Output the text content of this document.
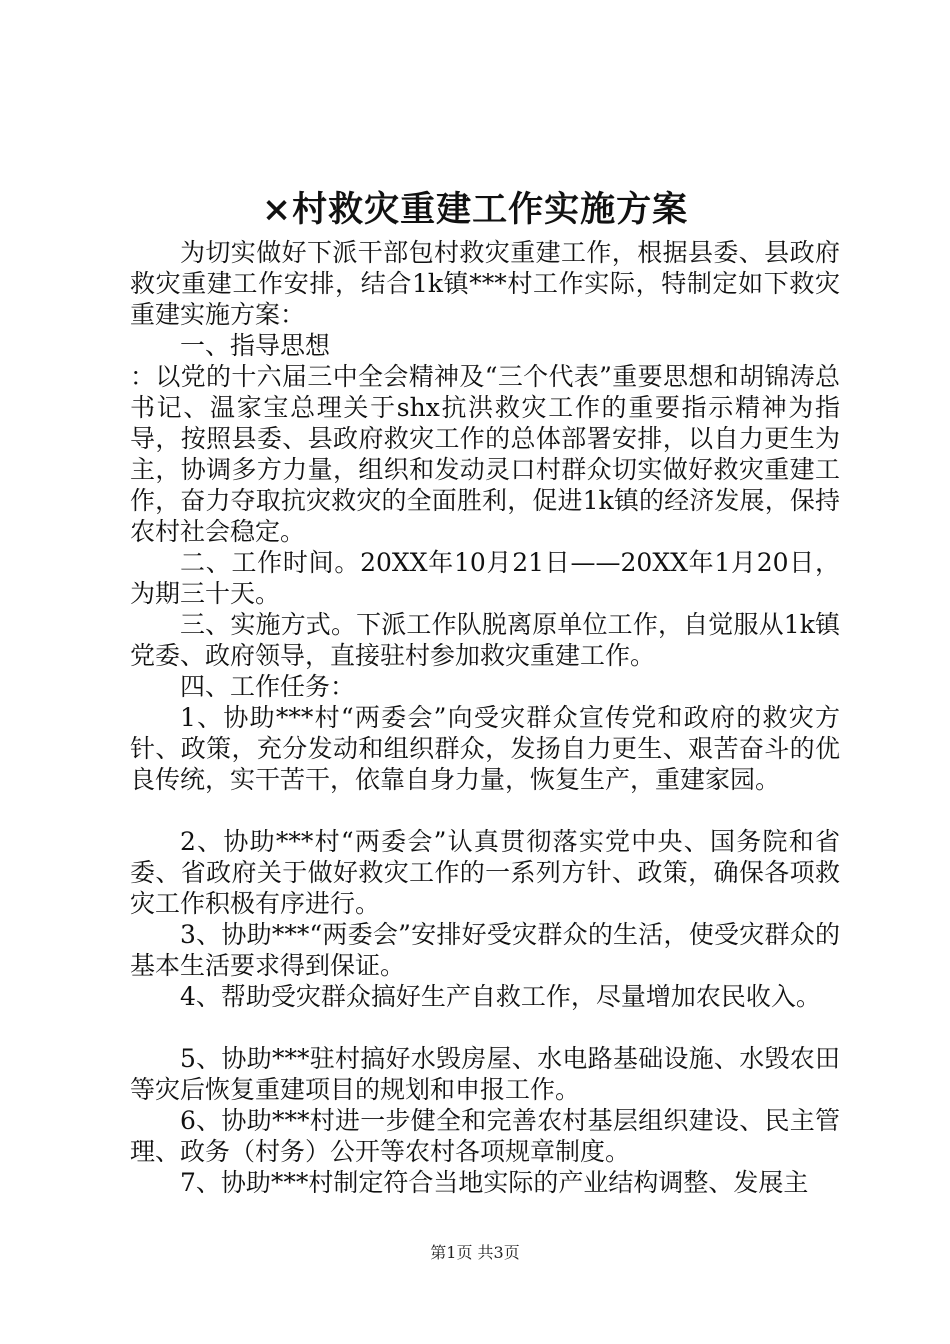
×村救灾重建工作实施方案

为切实做好下派干部包村救灾重建工作，根据县委、县政府救灾重建工作安排，结合1k镇***村工作实际，特制定如下救灾重建实施方案：

一、指导思想

：以党的十六届三中全会精神及“三个代表”重要思想和胡锦涛总书记、温家宝总理关于shx抗洪救灾工作的重要指示精神为指导，按照县委、县政府救灾工作的总体部署安排，以自力更生为主，协调多方力量，组织和发动灵口村群众切实做好救灾重建工作，奋力夺取抗灾救灾的全面胜利，促进1k镇的经济发展，保持农村社会稳定。

二、工作时间。20XX年10月21日——20XX年1月20日，为期三十天。

三、实施方式。下派工作队脱离原单位工作，自觉服从1k镇党委、政府领导，直接驻村参加救灾重建工作。

四、工作任务：

1、协助***村“两委会”向受灾群众宣传党和政府的救灾方针、政策，充分发动和组织群众，发扬自力更生、艰苦奋斗的优良传统，实干苦干，依靠自身力量，恢复生产，重建家园。

2、协助***村“两委会”认真贯彻落实党中央、国务院和省委、省政府关于做好救灾工作的一系列方针、政策，确保各项救灾工作积极有序进行。

3、协助***“两委会”安排好受灾群众的生活，使受灾群众的基本生活要求得到保证。

4、帮助受灾群众搞好生产自救工作，尽量增加农民收入。

5、协助***驻村搞好水毁房屋、水电路基础设施、水毁农田等灾后恢复重建项目的规划和申报工作。

6、协助***村进一步健全和完善农村基层组织建设、民主管理、政务（村务）公开等农村各项规章制度。

7、协助***村制定符合当地实际的产业结构调整、发展主

第1页 共3页
